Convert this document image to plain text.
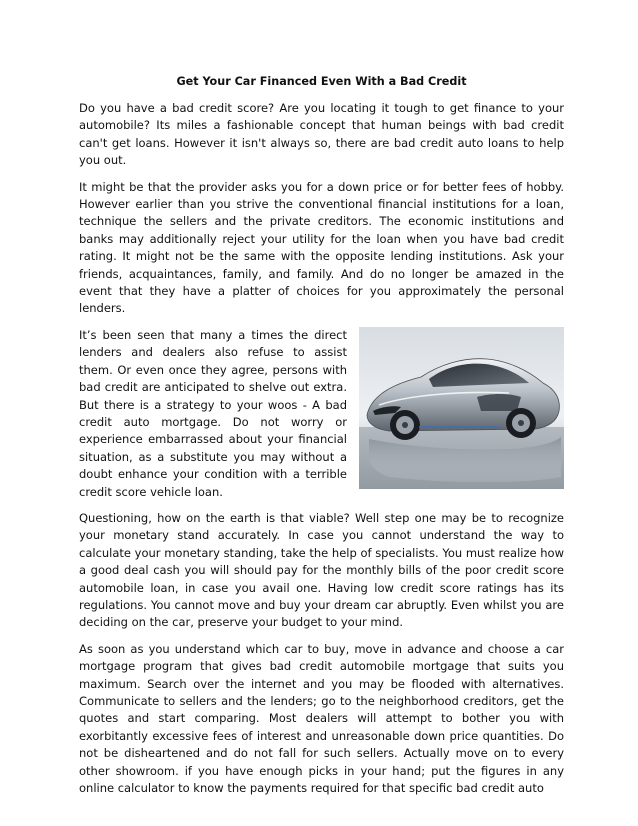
Get Your Car Financed Even With a Bad Credit

Do you have a bad credit score? Are you locating it tough to get finance to your automobile? Its miles a fashionable concept that human beings with bad credit can't get loans. However it isn't always so, there are bad credit auto loans to help you out.

It might be that the provider asks you for a down price or for better fees of hobby. However earlier than you strive the conventional financial institutions for a loan, technique the sellers and the private creditors. The economic institutions and banks may additionally reject your utility for the loan when you have bad credit rating. It might not be the same with the opposite lending institutions. Ask your friends, acquaintances, family, and family. And do no longer be amazed in the event that they have a platter of choices for you approximately the personal lenders.

It’s been seen that many a times the direct lenders and dealers also refuse to assist them. Or even once they agree, persons with bad credit are anticipated to shelve out extra. But there is a strategy to your woos - A bad credit auto mortgage. Do not worry or experience embarrassed about your financial situation, as a substitute you may without a doubt enhance your condition with a terrible credit score vehicle loan.

Questioning, how on the earth is that viable? Well step one may be to recognize your monetary stand accurately. In case you cannot understand the way to calculate your monetary standing, take the help of specialists. You must realize how a good deal cash you will should pay for the monthly bills of the poor credit score automobile loan, in case you avail one. Having low credit score ratings has its regulations. You cannot move and buy your dream car abruptly. Even whilst you are deciding on the car, preserve your budget to your mind.

As soon as you understand which car to buy, move in advance and choose a car mortgage program that gives bad credit automobile mortgage that suits you maximum. Search over the internet and you may be flooded with alternatives. Communicate to sellers and the lenders; go to the neighborhood creditors, get the quotes and start comparing. Most dealers will attempt to bother you with exorbitantly excessive fees of interest and unreasonable down price quantities. Do not be disheartened and do not fall for such sellers. Actually move on to every other showroom. if you have enough picks in your hand; put the figures in any online calculator to know the payments required for that specific bad credit auto
